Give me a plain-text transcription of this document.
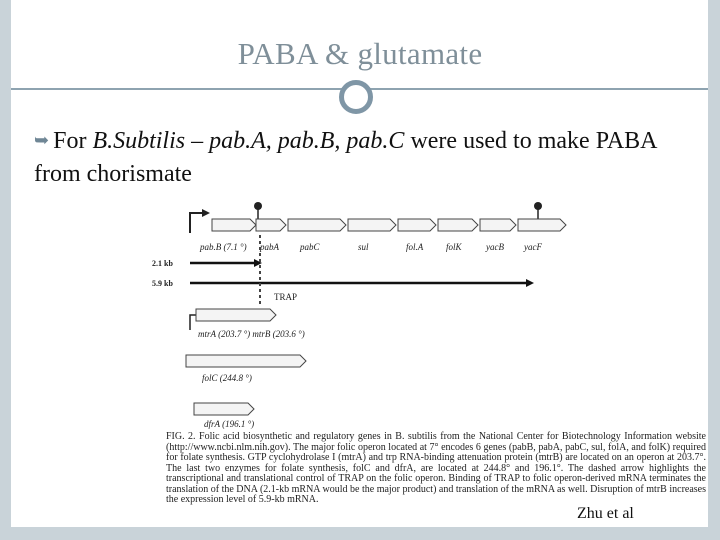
PABA & glutamate
➥ For B.Subtilis – pab.A, pab.B, pab.C were used to make PABA from chorismate
pab.B (7.1 °) pabA pabC	sul	fol.A	folK	yacB yacF
2.1 kb
5.9 kb
TRAP
mtrA (203.7 °) mtrB (203.6 °)
folC (244.8 °)
dfrA (196.1 °)
FIG. 2. Folic acid biosynthetic and regulatory genes in B. subtilis from the National Center for Biotechnology Information website (http://www.ncbi.nlm.nih.gov). The major folic operon located at 7° encodes 6 genes (pabB, pabA, pabC, sul, folA, and folK) required for folate synthesis. GTP cyclohydrolase I (mtrA) and trp RNA-binding attenuation protein (mtrB) are located on an operon at 203.7°. The last two enzymes for folate synthesis, folC and dfrA, are located at 244.8° and 196.1°. The dashed arrow highlights the transcriptional and translational control of TRAP on the folic operon. Binding of TRAP to folic operon-derived mRNA terminates the translation of the DNA (2.1-kb mRNA would be the major product) and translation of the mRNA as well. Disruption of mtrB increases the expression level of 5.9-kb mRNA.
Zhu et al
